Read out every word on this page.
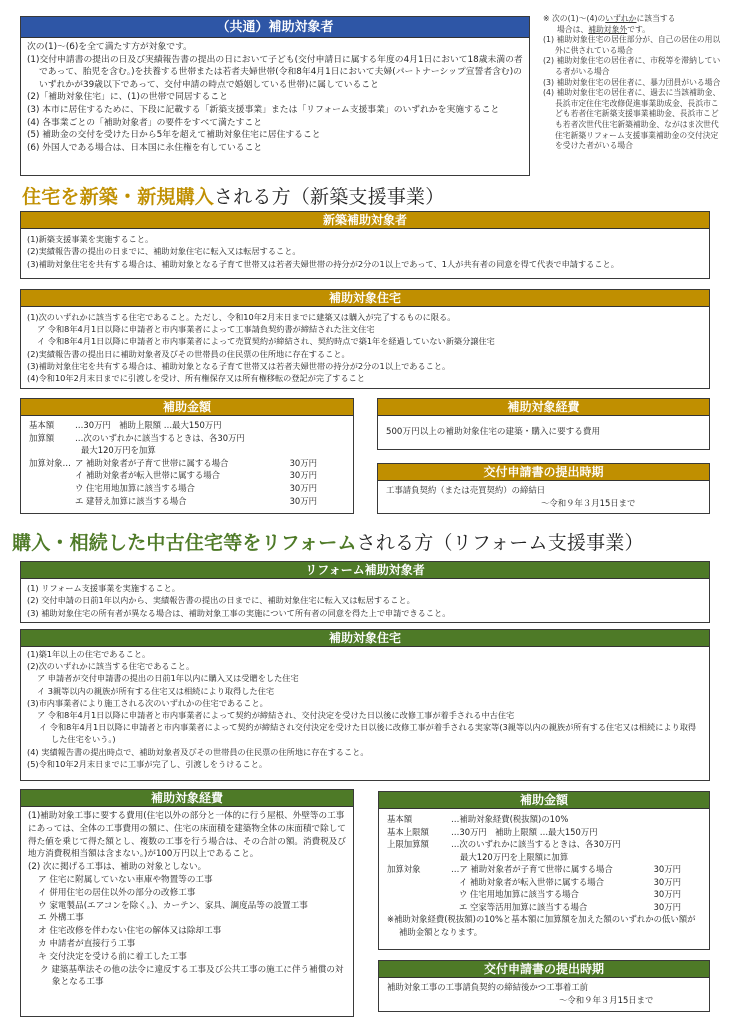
（共通）補助対象者
次の(1)～(6)を全て満たす方が対象です。
(1)交付申請書の提出の日及び実績報告書の提出の日において子ども(交付申請日に属する年度の4月1日において18歳未満の者であって、胎児を含む。)を扶養する世帯または若者夫婦世帯(令和8年4月1日において夫婦(パートナーシップ宣誓者含む)のいずれかが39歳以下であって、交付申請の時点で婚姻している世帯)に属していること
(2)「補助対象住宅」に、(1)の世帯で同居すること
(3) 本市に居住するために、下段に記載する「新築支援事業」または「リフォーム支援事業」のいずれかを実施すること
(4) 各事業ごとの「補助対象者」の要件をすべて満たすこと
(5) 補助金の交付を受けた日から5年を超えて補助対象住宅に居住すること
(6) 外国人である場合は、日本国に永住権を有していること
※ 次の(1)～(4)のいずれかに該当する
場合は、補助対象外です。
(1) 補助対象住宅の居住部分が、自己の居住の用以外に供されている場合
(2) 補助対象住宅の居住者に、市税等を滞納している者がいる場合
(3) 補助対象住宅の居住者に、暴力団員がいる場合
(4) 補助対象住宅の居住者に、過去に当該補助金、長浜市定住住宅改修促進事業助成金、長浜市こども若者住宅新築支援事業補助金、長浜市こども若者次世代住宅新築補助金、ながはま次世代住宅新築リフォーム支援事業補助金の交付決定を受けた者がいる場合
住宅を新築・新規購入される方（新築支援事業）
新築補助対象者
(1)新築支援事業を実施すること。
(2)実績報告書の提出の日までに、補助対象住宅に転入又は転居すること。
(3)補助対象住宅を共有する場合は、補助対象となる子育て世帯又は若者夫婦世帯の持分が2分の1以上であって、1人が共有者の同意を得て代表で申請すること。
補助対象住宅
(1)次のいずれかに該当する住宅であること。ただし、令和10年2月末日までに建築又は購入が完了するものに限る。
ア 令和8年4月1日以降に申請者と市内事業者によって工事請負契約書が締結された注文住宅
イ 令和8年4月1日以降に申請者と市内事業者によって売買契約が締結され、契約時点で築1年を経過していない新築分譲住宅
(2)実績報告書の提出日に補助対象者及びその世帯員の住民票の住所地に存在すること。
(3)補助対象住宅を共有する場合は、補助対象となる子育て世帯又は若者夫婦世帯の持分が2分の1以上であること。
(4)令和10年2月末日までに引渡しを受け、所有権保存又は所有権移転の登記が完了すること
補助金額
基本額	…30万円　補助上限額 …最大150万円
加算額	…次のいずれかに該当するときは、各30万円
最大120万円を加算
加算対象… ア 補助対象者が子育て世帯に属する場合	30万円
イ 補助対象者が転入世帯に属する場合	30万円
ウ 住宅用地加算に該当する場合	30万円
エ 建替え加算に該当する場合	30万円
補助対象経費
500万円以上の補助対象住宅の建築・購入に要する費用
交付申請書の提出時期
工事請負契約（または売買契約）の締結日
～令和９年３月15日まで
購入・相続した中古住宅等をリフォームされる方（リフォーム支援事業）
リフォーム補助対象者
(1) リフォーム支援事業を実施すること。
(2) 交付申請の日前1年以内から、実績報告書の提出の日までに、補助対象住宅に転入又は転居すること。
(3) 補助対象住宅の所有者が異なる場合は、補助対象工事の実施について所有者の同意を得た上で申請できること。
補助対象住宅
(1)築1年以上の住宅であること。
(2)次のいずれかに該当する住宅であること。
ア 申請者が交付申請書の提出の日前1年以内に購入又は受贈をした住宅
イ 3親等以内の親族が所有する住宅又は相続により取得した住宅
(3)市内事業者により施工される次のいずれかの住宅であること。
ア 令和8年4月1日以降に申請者と市内事業者によって契約が締結され、交付決定を受けた日以後に改修工事が着手される中古住宅
イ 令和8年4月1日以降に申請者と市内事業者によって契約が締結され交付決定を受けた日以後に改修工事が着手される実家等(3親等以内の親族が所有する住宅又は相続により取得した住宅をいう。)
(4) 実績報告書の提出時点で、補助対象者及びその世帯員の住民票の住所地に存在すること。
(5)令和10年2月末日までに工事が完了し、引渡しをうけること。
補助対象経費
(1)補助対象工事に要する費用(住宅以外の部分と一体的に行う屋根、外壁等の工事にあっては、全体の工事費用の額に、住宅の床面積を建築物全体の床面積で除して得た値を乗じて得た額とし、複数の工事を行う場合は、その合計の額。消費税及び地方消費税相当額は含まない。)が100万円以上であること。
(2) 次に掲げる工事は、補助の対象としない。
ア 住宅に附属していない車庫や物置等の工事
イ 併用住宅の居住以外の部分の改修工事
ウ 家電製品(エアコンを除く。)、カーテン、家具、調度品等の設置工事
エ 外構工事
オ 住宅改修を伴わない住宅の解体又は除却工事
カ 申請者が直接行う工事
キ 交付決定を受ける前に着工した工事
ク 建築基準法その他の法令に違反する工事及び公共工事の施工に伴う補償の対象となる工事
補助金額
基本額	…補助対象経費(税抜額)の10%
基本上限額	…30万円　補助上限額 …最大150万円
上限加算額	…次のいずれかに該当するときは、各30万円
最大120万円を上限額に加算
加算対象	… ア 補助対象者が子育て世帯に属する場合	30万円
イ 補助対象者が転入世帯に属する場合	30万円
ウ 住宅用地加算に該当する場合	30万円
エ 空家等活用加算に該当する場合	30万円
※補助対象経費(税抜額)の10%と基本額に加算額を加えた額のいずれかの低い額が補助金額となります。
交付申請書の提出時期
補助対象工事の工事請負契約の締結後かつ工事着工前
～令和９年３月15日まで
